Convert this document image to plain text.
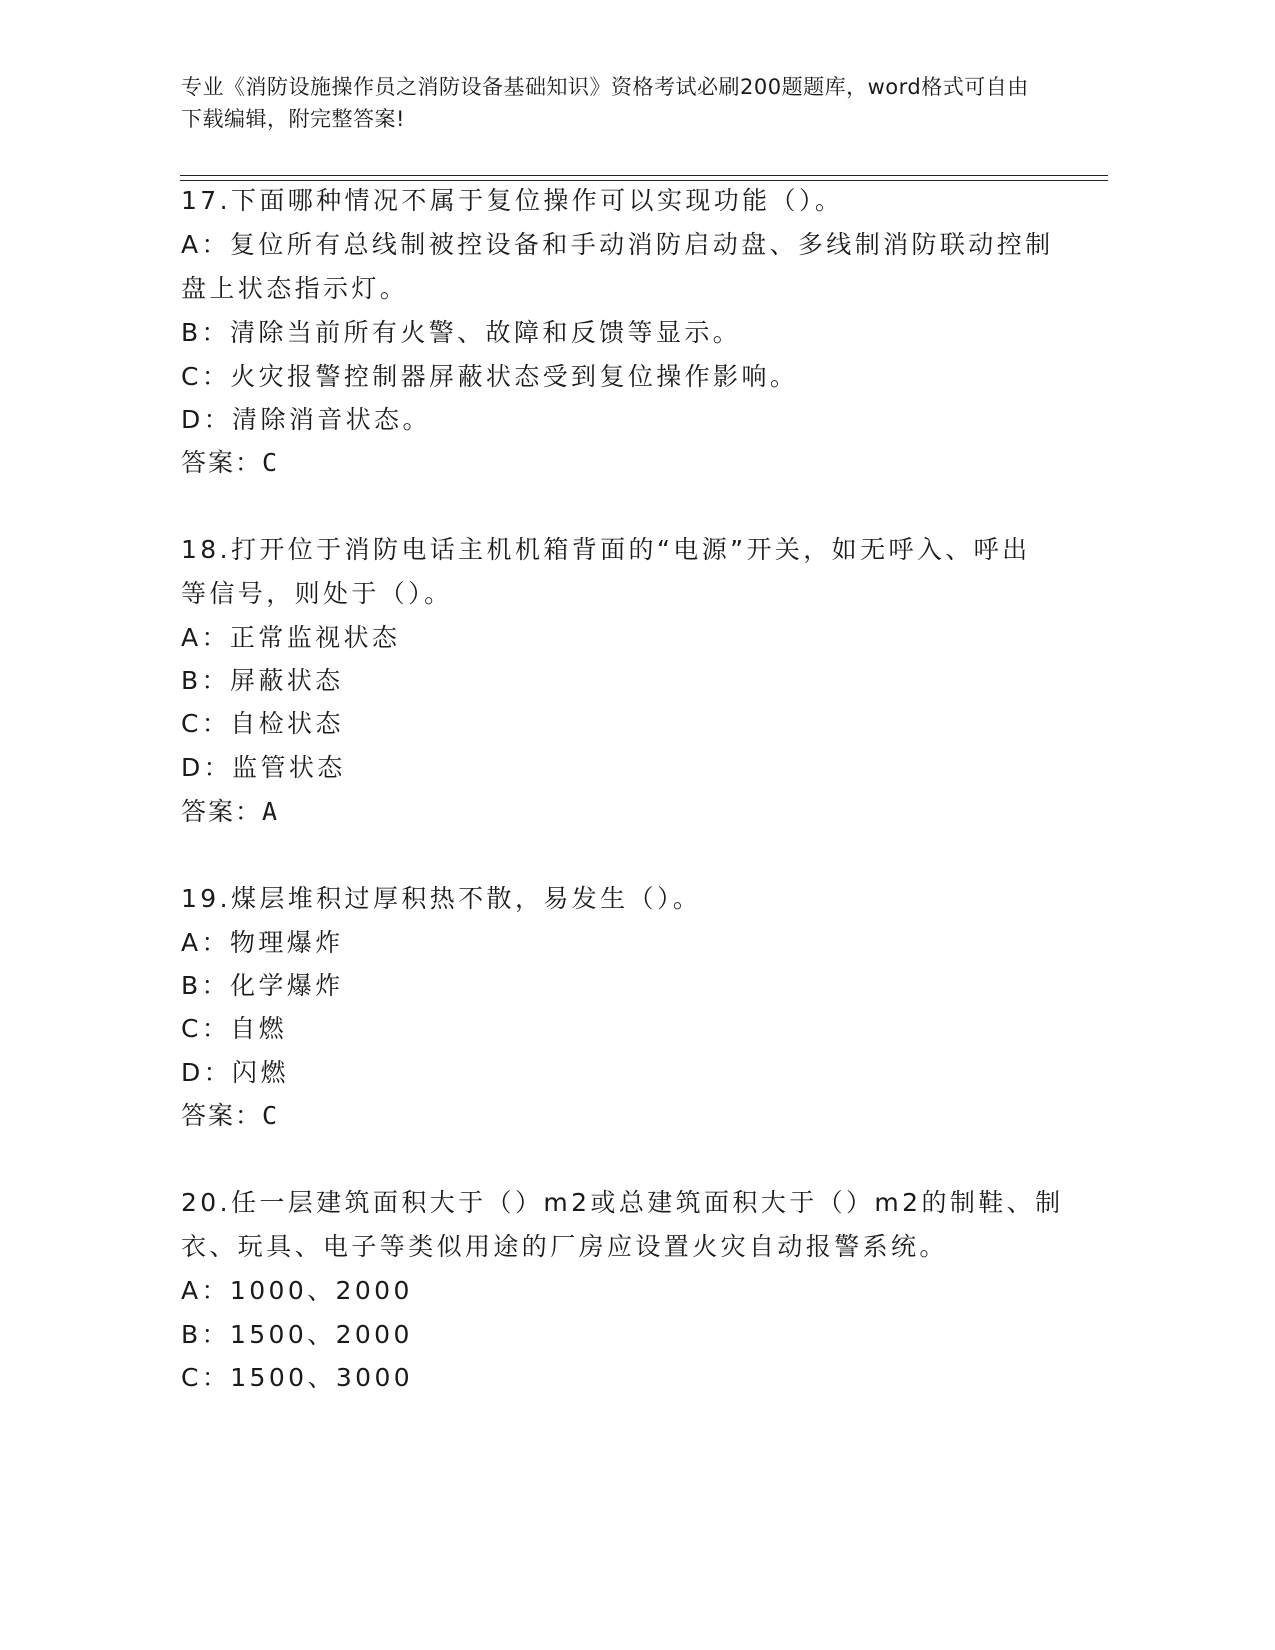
专业《消防设施操作员之消防设备基础知识》资格考试必刷200题题库，word格式可自由下载编辑，附完整答案!
17.下面哪种情况不属于复位操作可以实现功能（）。
A：复位所有总线制被控设备和手动消防启动盘、多线制消防联动控制
盘上状态指示灯。
B：清除当前所有火警、故障和反馈等显示。
C：火灾报警控制器屏蔽状态受到复位操作影响。
D：清除消音状态。
答案：C
18.打开位于消防电话主机机箱背面的“电源”开关，如无呼入、呼出
等信号，则处于（）。
A：正常监视状态
B：屏蔽状态
C：自检状态
D：监管状态
答案：A
19.煤层堆积过厚积热不散，易发生（）。
A：物理爆炸
B：化学爆炸
C：自燃
D：闪燃
答案：C
20.任一层建筑面积大于（）m2或总建筑面积大于（）m2的制鞋、制
衣、玩具、电子等类似用途的厂房应设置火灾自动报警系统。
A：1000、2000
B：1500、2000
C：1500、3000
